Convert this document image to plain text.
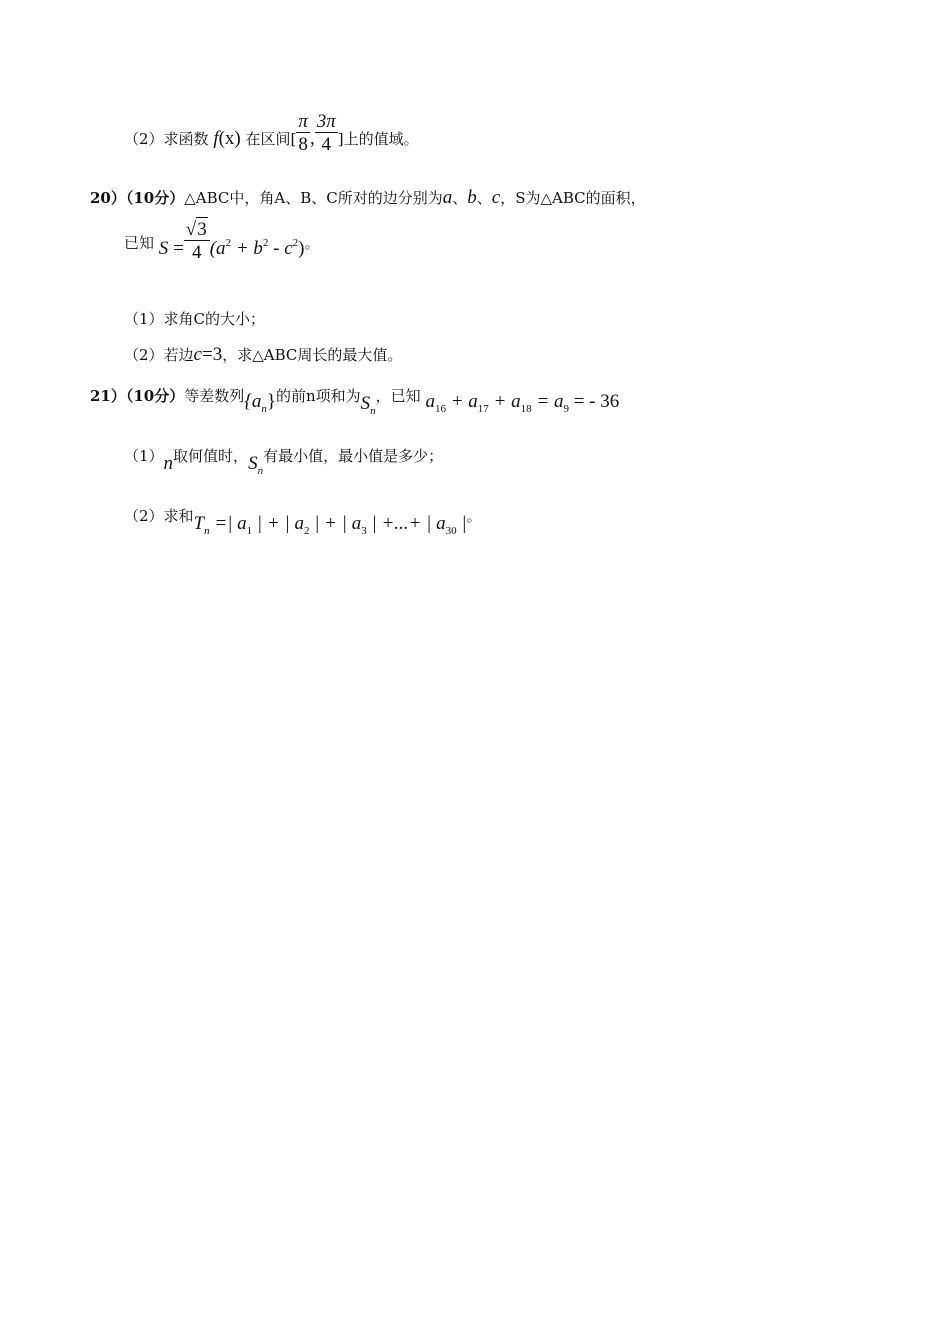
（2）求函数 f(x) 在区间[ $\frac{\pi}{8}$ , $\frac{3\pi}{4}$ ]上的值域。
20）（10分）△ABC中，角A、B、C所对的边分别为a、b、c，S为△ABC的面积，
已知 $S = \frac{√3}{4} (a^2 + b^2 - c^2)$。
（1）求角C的大小；
（2）若边c=3，求△ABC周长的最大值。
21）（10分）等差数列$\{a_n\}$的前n项和为$S_n$，已知 $a_{16} + a_{17} + a_{18} = a_9$ = - 36
（1）n取何值时，$S_n$有最小值，最小值是多少；
（2）求和$T_n$ =| $a_1$ | + | $a_2$ | + | $a_3$ | +...+ | $a_{30}$ |。
